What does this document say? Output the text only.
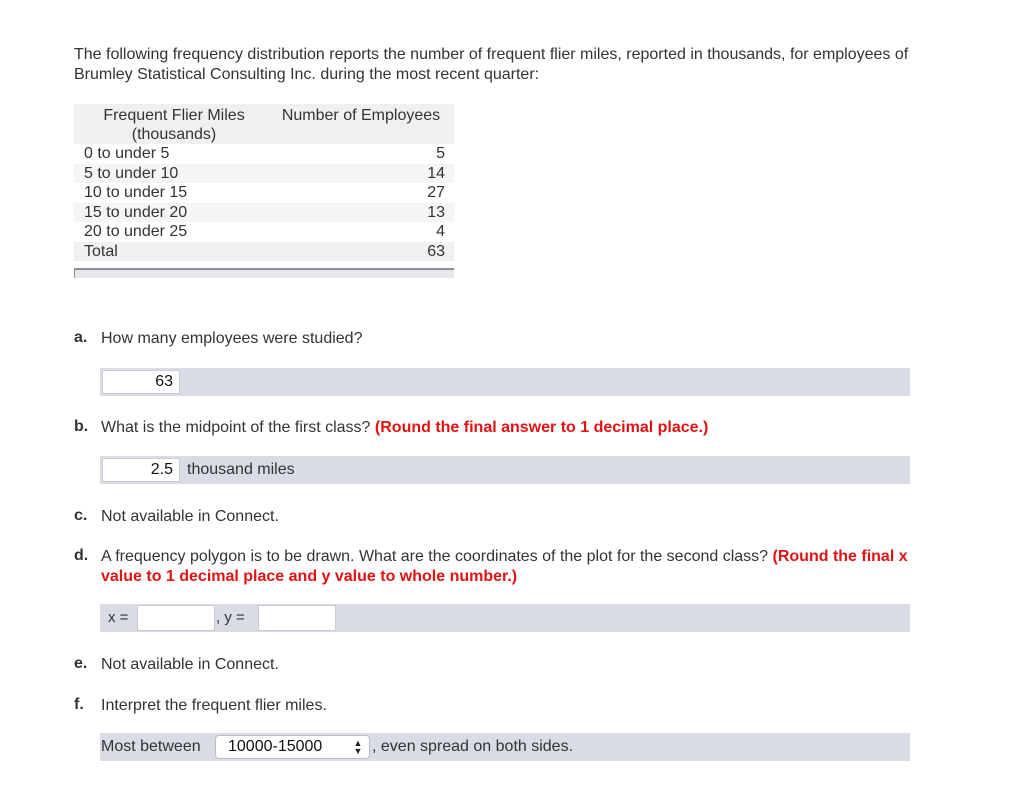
The following frequency distribution reports the number of frequent flier miles, reported in thousands, for employees of Brumley Statistical Consulting Inc. during the most recent quarter:
Frequent Flier Miles
(thousands)	Number of Employees
0 to under 5	5
5 to under 10	14
10 to under 15	27
15 to under 20	13
20 to under 25	4
Total	63
a. How many employees were studied?
63
b. What is the midpoint of the first class? (Round the final answer to 1 decimal place.)
2.5 thousand miles
c. Not available in Connect.
d. A frequency polygon is to be drawn. What are the coordinates of the plot for the second class? (Round the final x value to 1 decimal place and y value to whole number.)
x =	, y =
e. Not available in Connect.
f. Interpret the frequent flier miles.
Most between	10000-15000	▲
▼ , even spread on both sides.
